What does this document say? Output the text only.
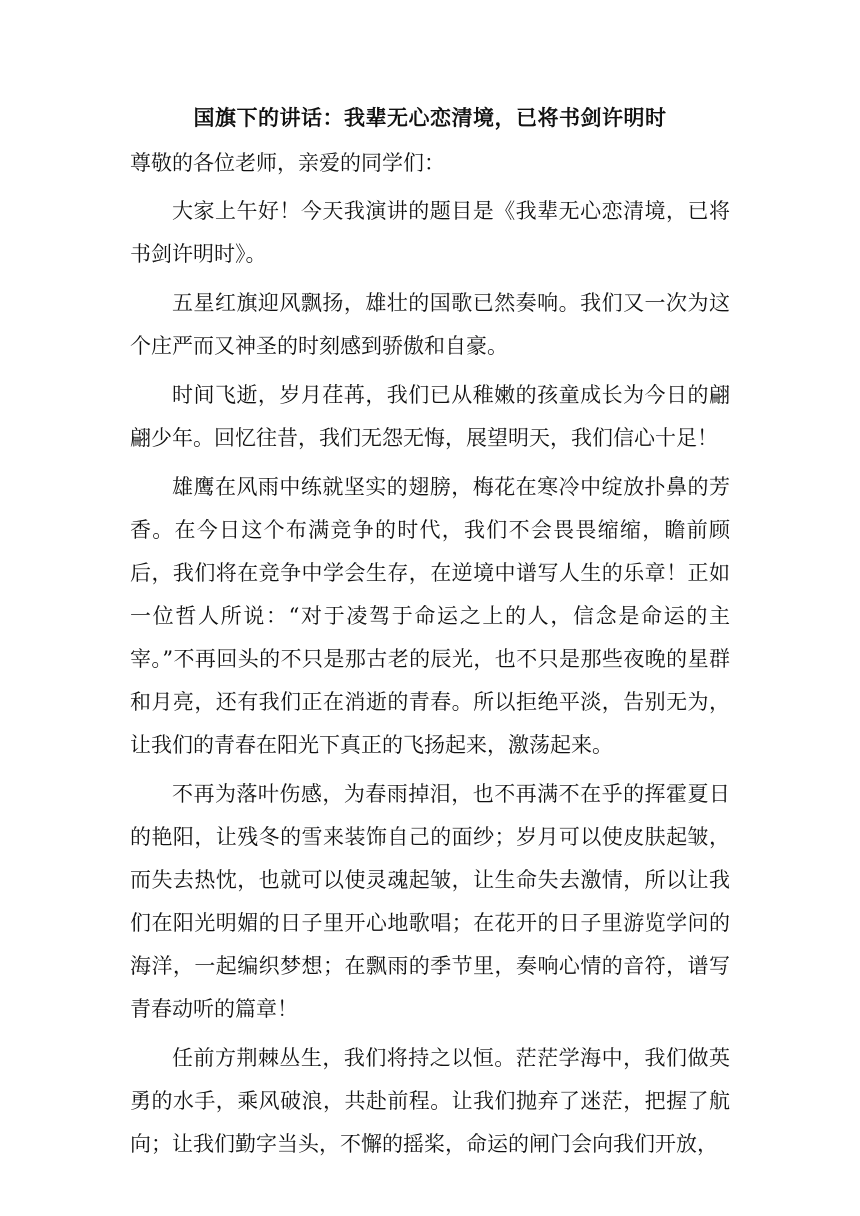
国旗下的讲话：我辈无心恋清境，已将书剑许明时

尊敬的各位老师，亲爱的同学们：

大家上午好！今天我演讲的题目是《我辈无心恋清境，已将书剑许明时》。

五星红旗迎风飘扬，雄壮的国歌已然奏响。我们又一次为这个庄严而又神圣的时刻感到骄傲和自豪。

时间飞逝，岁月荏苒，我们已从稚嫩的孩童成长为今日的翩翩少年。回忆往昔，我们无怨无悔，展望明天，我们信心十足！

雄鹰在风雨中练就坚实的翅膀，梅花在寒冷中绽放扑鼻的芳香。在今日这个布满竞争的时代，我们不会畏畏缩缩，瞻前顾后，我们将在竞争中学会生存，在逆境中谱写人生的乐章！正如一位哲人所说：“对于凌驾于命运之上的人，信念是命运的主宰。”不再回头的不只是那古老的辰光，也不只是那些夜晚的星群和月亮，还有我们正在消逝的青春。所以拒绝平淡，告别无为，让我们的青春在阳光下真正的飞扬起来，激荡起来。

不再为落叶伤感，为春雨掉泪，也不再满不在乎的挥霍夏日的艳阳，让残冬的雪来装饰自己的面纱；岁月可以使皮肤起皱，而失去热忱，也就可以使灵魂起皱，让生命失去激情，所以让我们在阳光明媚的日子里开心地歌唱；在花开的日子里游览学问的海洋，一起编织梦想；在飘雨的季节里，奏响心情的音符，谱写青春动听的篇章！

任前方荆棘丛生，我们将持之以恒。茫茫学海中，我们做英勇的水手，乘风破浪，共赴前程。让我们抛弃了迷茫，把握了航向；让我们勤字当头，不懈的摇桨，命运的闸门会向我们开放，
